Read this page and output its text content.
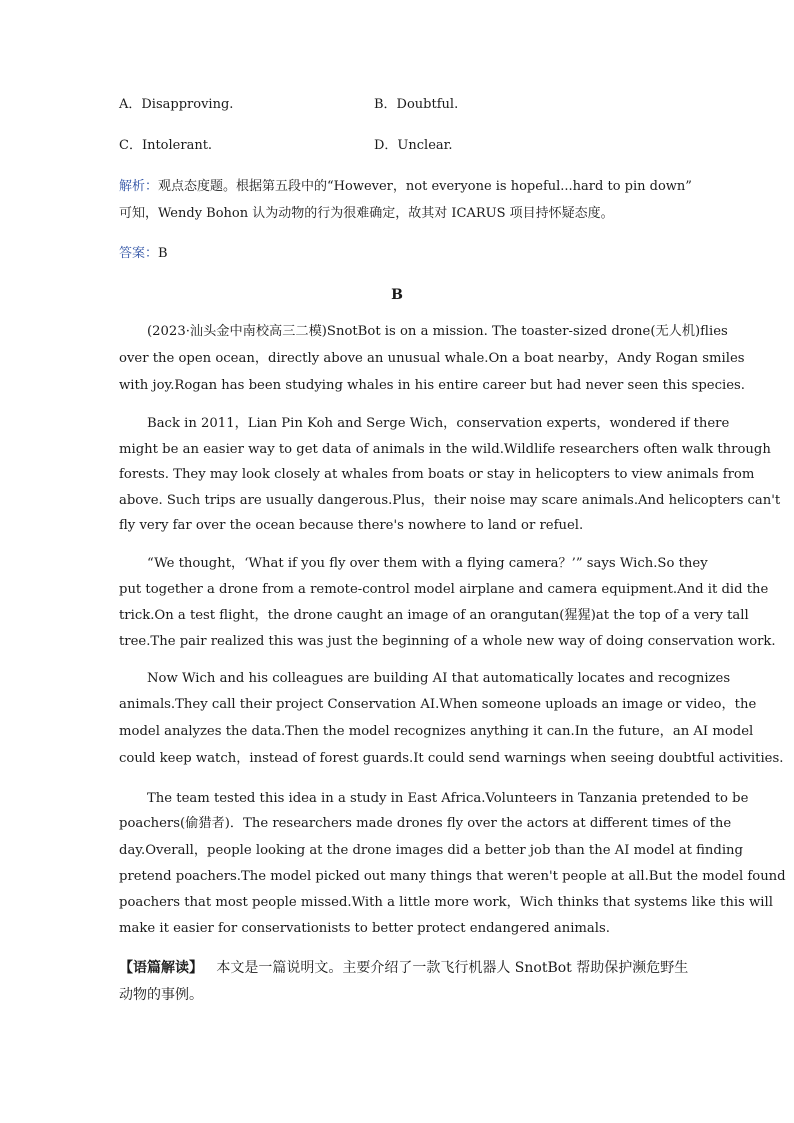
A．Disapproving.	B．Doubtful.
C．Intolerant.	D．Unclear.
解析：观点态度题。根据第五段中的“However，not everyone is hopeful...hard to pin down”
可知，Wendy Bohon 认为动物的行为很难确定，故其对 ICARUS 项目持怀疑态度。
答案：B
B
(2023·汕头金中南校高三二模)SnotBot is on a mission. The toaster-sized drone(无人机)flies
over the open ocean，directly above an unusual whale.On a boat nearby，Andy Rogan smiles
with joy.Rogan has been studying whales in his entire career but had never seen this species.
Back in 2011，Lian Pin Koh and Serge Wich，conservation experts，wondered if there
might be an easier way to get data of animals in the wild.Wildlife researchers often walk through
forests. They may look closely at whales from boats or stay in helicopters to view animals from
above. Such trips are usually dangerous.Plus，their noise may scare animals.And helicopters can't
fly very far over the ocean because there's nowhere to land or refuel.
“We thought，‘What if you fly over them with a flying camera？’” says Wich.So they
put together a drone from a remote-control model airplane and camera equipment.And it did the
trick.On a test flight，the drone caught an image of an orangutan(猩猩)at the top of a very tall
tree.The pair realized this was just the beginning of a whole new way of doing conservation work.
Now Wich and his colleagues are building AI that automatically locates and recognizes
animals.They call their project Conservation AI.When someone uploads an image or video，the
model analyzes the data.Then the model recognizes anything it can.In the future，an AI model
could keep watch，instead of forest guards.It could send warnings when seeing doubtful activities.
The team tested this idea in a study in East Africa.Volunteers in Tanzania pretended to be
poachers(偷猎者)．The researchers made drones fly over the actors at different times of the
day.Overall，people looking at the drone images did a better job than the AI model at finding
pretend poachers.The model picked out many things that weren't people at all.But the model found
poachers that most people missed.With a little more work，Wich thinks that systems like this will
make it easier for conservationists to better protect endangered animals.
【语篇解读】 本文是一篇说明文。主要介绍了一款飞行机器人 SnotBot 帮助保护濒危野生
动物的事例。
